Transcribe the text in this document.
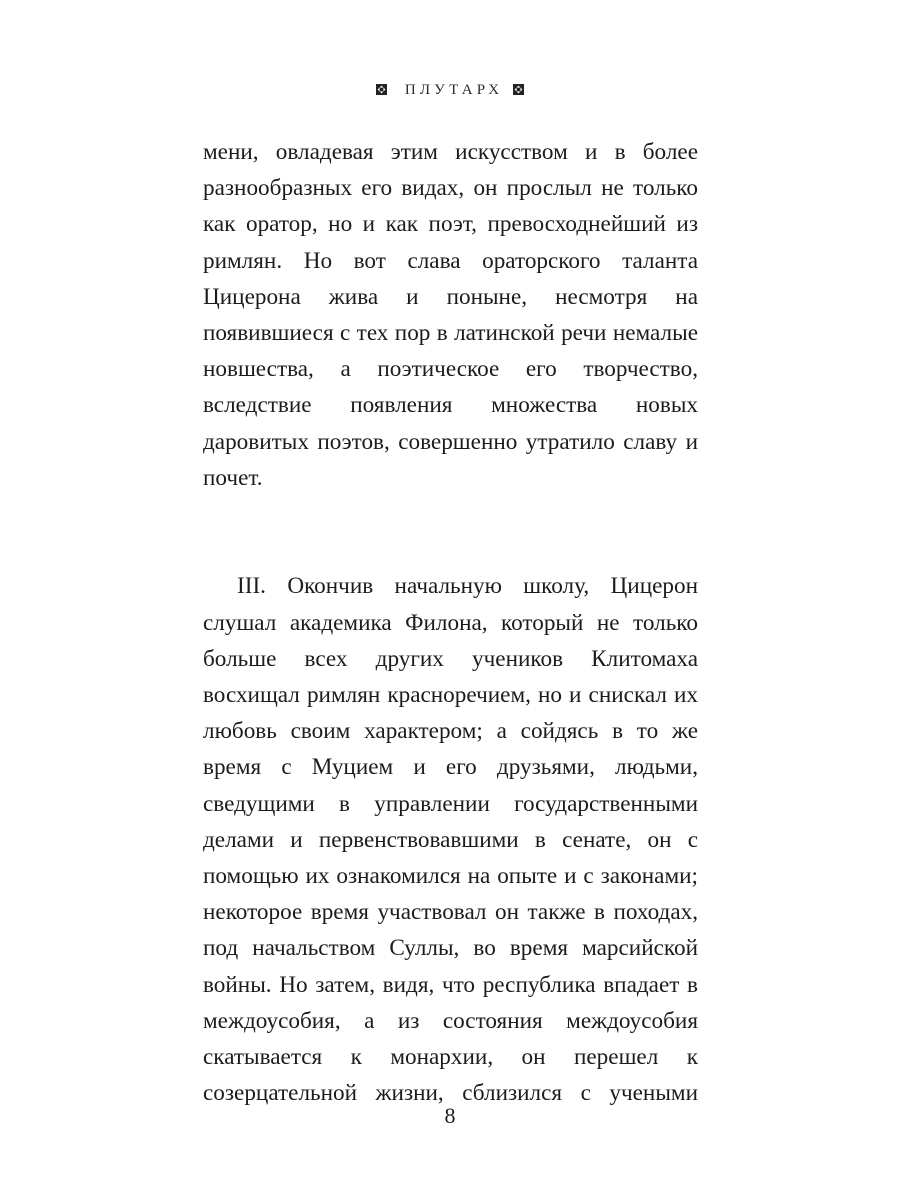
ПЛУТАРХ

мени, овладевая этим искусством и в более разнообразных его видах, он прослыл не только как оратор, но и как поэт, превосходнейший из римлян. Но вот слава ораторского таланта Цицерона жива и поныне, несмотря на появившиеся с тех пор в латинской речи немалые новшества, а поэтическое его творчество, вследствие появления множества новых даровитых поэтов, совершенно утратило славу и почет.

III. Окончив начальную школу, Цицерон слушал академика Филона, который не только больше всех других учеников Клитомаха восхищал римлян красноречием, но и снискал их любовь своим характером; а сойдясь в то же время с Муцием и его друзьями, людьми, сведущими в управлении государственными делами и первенствовавшими в сенате, он с помощью их ознакомился на опыте и с законами; некоторое время участвовал он также в походах, под начальством Суллы, во время марсийской войны. Но затем, видя, что республика впадает в междоусобия, а из состояния междоусобия скатывается к монархии, он перешел к созерцательной жизни, сблизился с учеными

8
